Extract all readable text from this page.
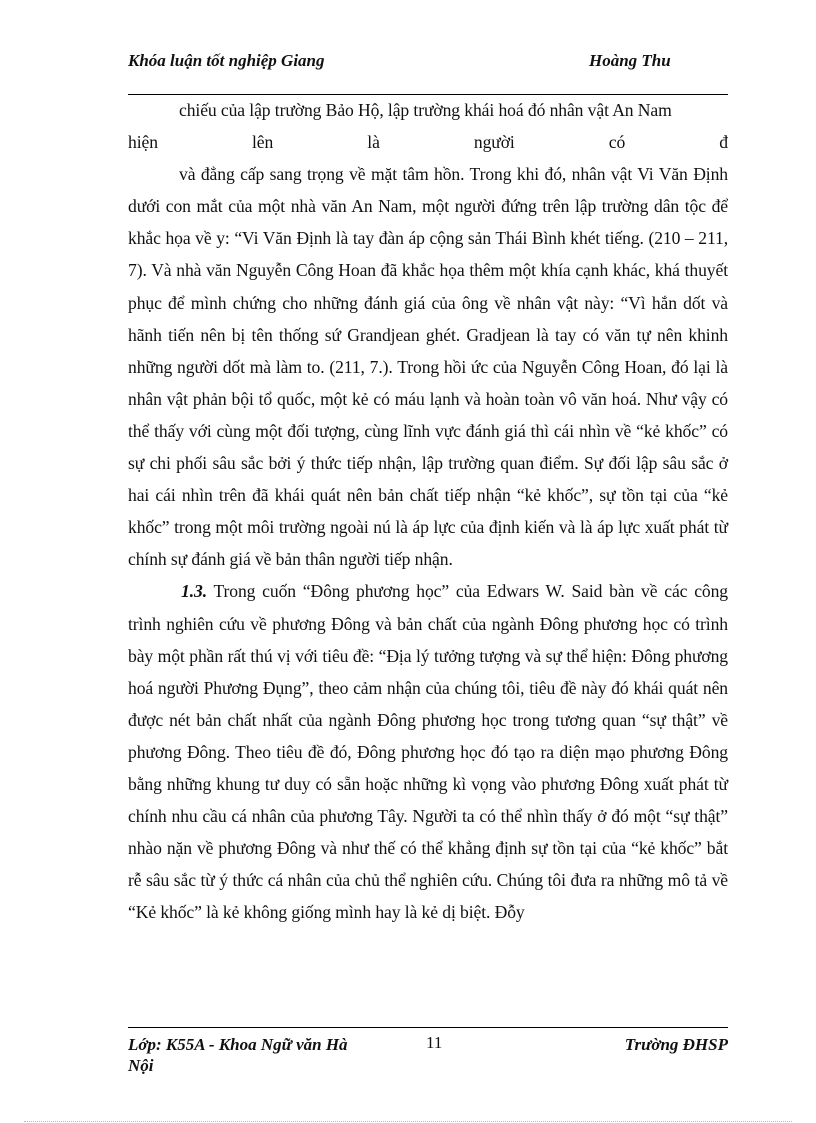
Khóa luận tốt nghiệp Giang	Hoàng Thu

chiếu của lập trường Bảo Hộ, lập trường khái hoá đó nhân vật An Nam

hiện lên là người có đ

và đẳng cấp sang trọng về mặt tâm hồn. Trong khi đó, nhân vật Vi Văn Định dưới con mắt của một nhà văn An Nam, một người đứng trên lập trường dân tộc để khắc họa về y: “Vi Văn Định là tay đàn áp cộng sản Thái Bình khét tiếng. (210 – 211, 7). Và nhà văn Nguyễn Công Hoan đã khắc họa thêm một khía cạnh khác, khá thuyết phục để mình chứng cho những đánh giá của ông về nhân vật này: “Vì hắn dốt và hãnh tiến nên bị tên thống sứ Grandjean ghét. Gradjean là tay có văn tự nên khinh những người dốt mà làm to. (211, 7.). Trong hồi ức của Nguyễn Công Hoan, đó lại là nhân vật phản bội tổ quốc, một kẻ có máu lạnh và hoàn toàn vô văn hoá. Như vậy có thể thấy với cùng một đối tượng, cùng lĩnh vực đánh giá thì cái nhìn về “kẻ khốc” có sự chi phối sâu sắc bởi ý thức tiếp nhận, lập trường quan điểm. Sự đối lập sâu sắc ở hai cái nhìn trên đã khái quát nên bản chất tiếp nhận “kẻ khốc”, sự tồn tại của “kẻ khốc” trong một môi trường ngoài nú là áp lực của định kiến và là áp lực xuất phát từ chính sự đánh giá về bản thân người tiếp nhận.

1.3. Trong cuốn “Đông phương học” của Edwars W. Said bàn về các công trình nghiên cứu về phương Đông và bản chất của ngành Đông phương học có trình bày một phần rất thú vị với tiêu đề: “Địa lý tưởng tượng và sự thể hiện: Đông phương hoá người Phương Đụng”, theo cảm nhận của chúng tôi, tiêu đề này đó khái quát nên được nét bản chất nhất của ngành Đông phương học trong tương quan “sự thật” về phương Đông. Theo tiêu đề đó, Đông phương học đó tạo ra diện mạo phương Đông bằng những khung tư duy có sẵn hoặc những kì vọng vào phương Đông xuất phát từ chính nhu cầu cá nhân của phương Tây. Người ta có thể nhìn thấy ở đó một “sự thật” nhào nặn về phương Đông và như thế có thể khẳng định sự tồn tại của “kẻ khốc” bắt rễ sâu sắc từ ý thức cá nhân của chủ thể nghiên cứu. Chúng tôi đưa ra những mô tả về “Kẻ khốc” là kẻ không giống mình hay là kẻ dị biệt. Đỗy

Lớp: K55A - Khoa Ngữ văn Hà Nội
11	Trường ĐHSP
